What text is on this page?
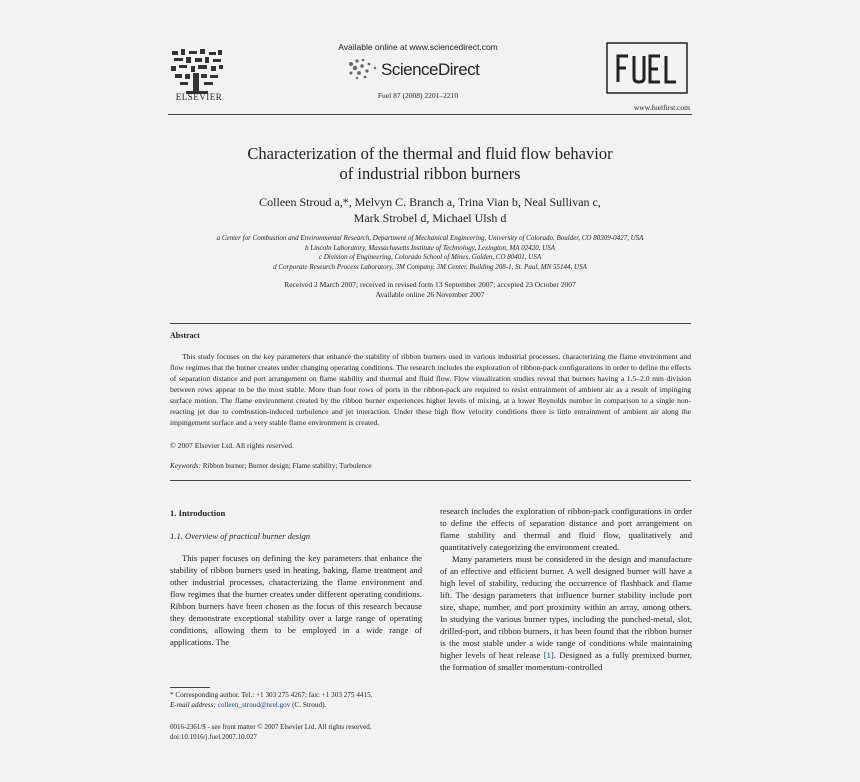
ELSEVIER
Available online at www.sciencedirect.com
ScienceDirect
Fuel 87 (2008) 2201–2210
www.fuelfirst.com
Characterization of the thermal and fluid flow behavior
of industrial ribbon burners
Colleen Stroud a,*, Melvyn C. Branch a, Trina Vian b, Neal Sullivan c,
Mark Strobel d, Michael Ulsh d
a Center for Combustion and Environmental Research, Department of Mechanical Engineering, University of Colorado, Boulder, CO 80309-0427, USA
b Lincoln Laboratory, Massachusetts Institute of Technology, Lexington, MA 02420, USA
c Division of Engineering, Colorado School of Mines, Golden, CO 80401, USA
d Corporate Research Process Laboratory, 3M Company, 3M Center, Building 208-1, St. Paul, MN 55144, USA
Received 2 March 2007; received in revised form 13 September 2007; accepted 23 October 2007
Available online 26 November 2007
Abstract
This study focuses on the key parameters that enhance the stability of ribbon burners used in various industrial processes, characterizing the flame environment and flow regimes that the burner creates under changing operating conditions. The research includes the exploration of ribbon-pack configurations in order to define the effects of separation distance and port arrangement on flame stability and thermal and fluid flow. Flow visualization studies reveal that burners having a 1.5–2.0 mm division between rows appear to be the most stable. More than four rows of ports in the ribbon-pack are required to resist entrainment of ambient air as a result of impinging surface motion. The flame environment created by the ribbon burner experiences higher levels of mixing, at a lower Reynolds number in comparison to a single non-reacting jet due to combustion-induced turbulence and jet interaction. Under these high flow velocity conditions there is little entrainment of ambient air along the impingement surface and a very stable flame environment is created.
© 2007 Elsevier Ltd. All rights reserved.
Keywords: Ribbon burner; Burner design; Flame stability; Turbulence
1. Introduction
1.1. Overview of practical burner design
This paper focuses on defining the key parameters that enhance the stability of ribbon burners used in heating, baking, flame treatment and other industrial processes, characterizing the flame environment and flow regimes that the burner creates under different operating conditions. Ribbon burners have been chosen as the focus of this research because they demonstrate exceptional stability over a large range of operating conditions, allowing them to be employed in a wide range of applications. The
research includes the exploration of ribbon-pack configurations in order to define the effects of separation distance and port arrangement on flame stability and thermal and fluid flow, qualitatively and quantitatively categorizing the environment created.
Many parameters must be considered in the design and manufacture of an effective and efficient burner. A well designed burner will have a high level of stability, reducing the occurrence of flashback and flame lift. The design parameters that influence burner stability include port size, shape, number, and port proximity within an array, among others. In studying the various burner types, including the punched-metal, slot, drilled-port, and ribbon burners, it has been found that the ribbon burner is the most stable under a wide range of conditions while maintaining higher levels of heat release [1]. Designed as a fully premixed burner, the formation of smaller momentum-controlled
* Corresponding author. Tel.: +1 303 275 4267; fax: +1 303 275 4415.
E-mail address: colleen_stroud@nrel.gov (C. Stroud).
0016-2361/$ - see front matter © 2007 Elsevier Ltd. All rights reserved.
doi:10.1016/j.fuel.2007.10.027
